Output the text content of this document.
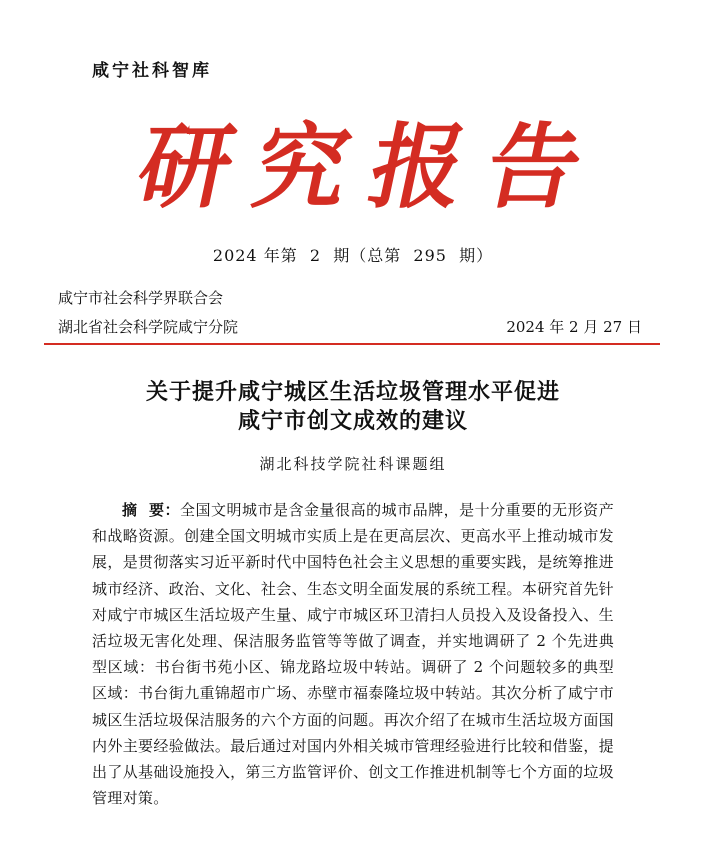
咸宁社科智库
研 究 报 告
2024 年第  2  期（总第  295  期）
咸宁市社会科学界联合会
湖北省社会科学院咸宁分院	2024 年 2 月 27 日
关于提升咸宁城区生活垃圾管理水平促进
咸宁市创文成效的建议
湖北科技学院社科课题组
摘  要：全国文明城市是含金量很高的城市品牌，是十分重要的无形资产和战略资源。创建全国文明城市实质上是在更高层次、更高水平上推动城市发展，是贯彻落实习近平新时代中国特色社会主义思想的重要实践，是统筹推进城市经济、政治、文化、社会、生态文明全面发展的系统工程。本研究首先针对咸宁市城区生活垃圾产生量、咸宁市城区环卫清扫人员投入及设备投入、生活垃圾无害化处理、保洁服务监管等等做了调查，并实地调研了 2 个先进典型区域：书台街书苑小区、锦龙路垃圾中转站。调研了 2 个问题较多的典型区域：书台街九重锦超市广场、赤壁市福泰隆垃圾中转站。其次分析了咸宁市城区生活垃圾保洁服务的六个方面的问题。再次介绍了在城市生活垃圾方面国内外主要经验做法。最后通过对国内外相关城市管理经验进行比较和借鉴，提出了从基础设施投入，第三方监管评价、创文工作推进机制等七个方面的垃圾管理对策。
